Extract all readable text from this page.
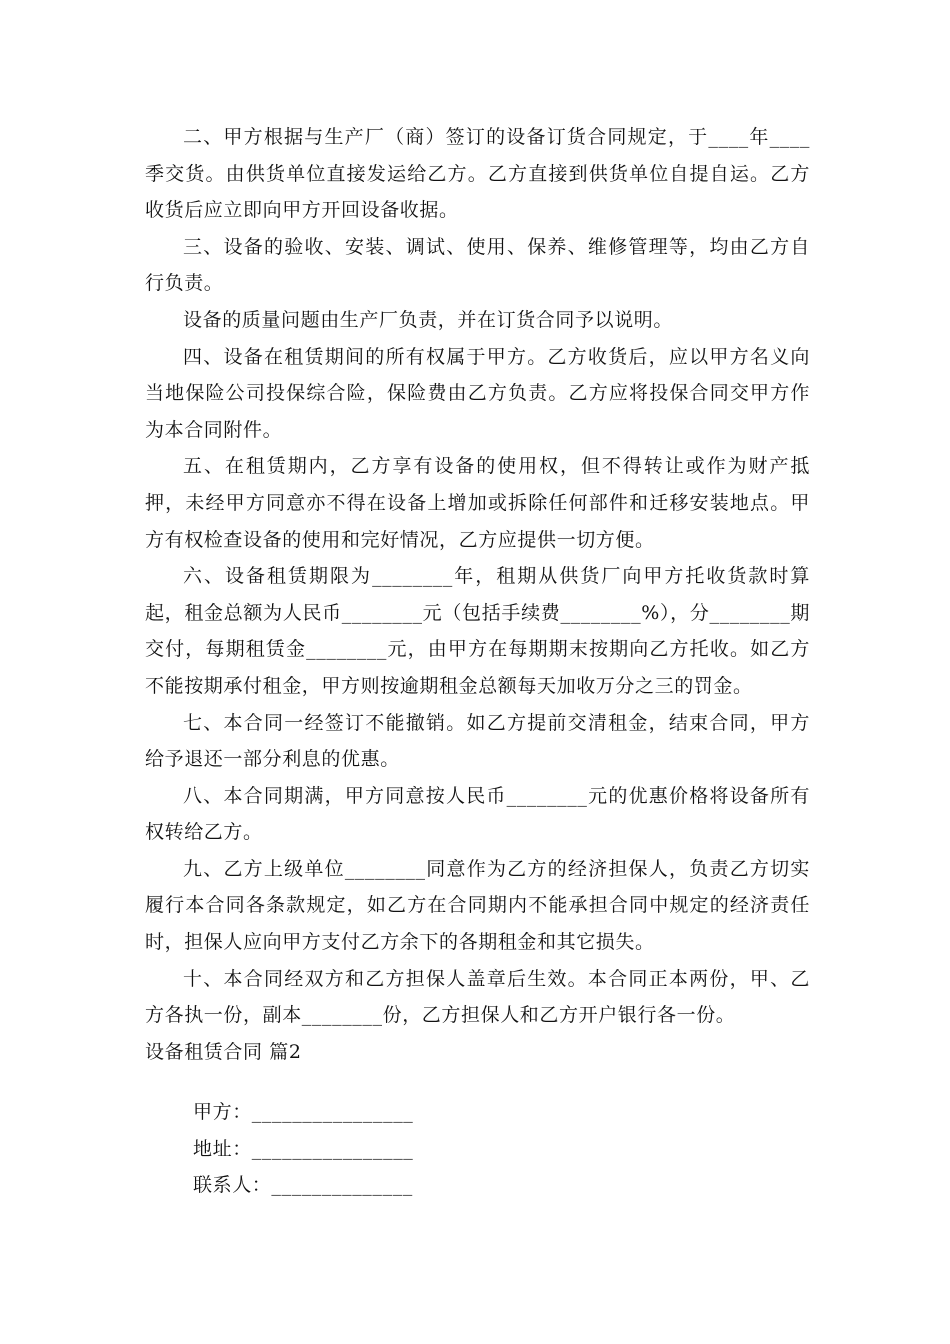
二、甲方根据与生产厂（商）签订的设备订货合同规定，于____年____季交货。由供货单位直接发运给乙方。乙方直接到供货单位自提自运。乙方收货后应立即向甲方开回设备收据。

三、设备的验收、安装、调试、使用、保养、维修管理等，均由乙方自行负责。

设备的质量问题由生产厂负责，并在订货合同予以说明。

四、设备在租赁期间的所有权属于甲方。乙方收货后，应以甲方名义向当地保险公司投保综合险，保险费由乙方负责。乙方应将投保合同交甲方作为本合同附件。

五、在租赁期内，乙方享有设备的使用权，但不得转让或作为财产抵押，未经甲方同意亦不得在设备上增加或拆除任何部件和迁移安装地点。甲方有权检查设备的使用和完好情况，乙方应提供一切方便。

六、设备租赁期限为________年，租期从供货厂向甲方托收货款时算起，租金总额为人民币________元（包括手续费________%），分________期交付，每期租赁金________元，由甲方在每期期末按期向乙方托收。如乙方不能按期承付租金，甲方则按逾期租金总额每天加收万分之三的罚金。

七、本合同一经签订不能撤销。如乙方提前交清租金，结束合同，甲方给予退还一部分利息的优惠。

八、本合同期满，甲方同意按人民币________元的优惠价格将设备所有权转给乙方。

九、乙方上级单位________同意作为乙方的经济担保人，负责乙方切实履行本合同各条款规定，如乙方在合同期内不能承担合同中规定的经济责任时，担保人应向甲方支付乙方余下的各期租金和其它损失。

十、本合同经双方和乙方担保人盖章后生效。本合同正本两份，甲、乙方各执一份，副本________份，乙方担保人和乙方开户银行各一份。

设备租赁合同 篇2

甲方：________________

地址：________________

联系人：______________
